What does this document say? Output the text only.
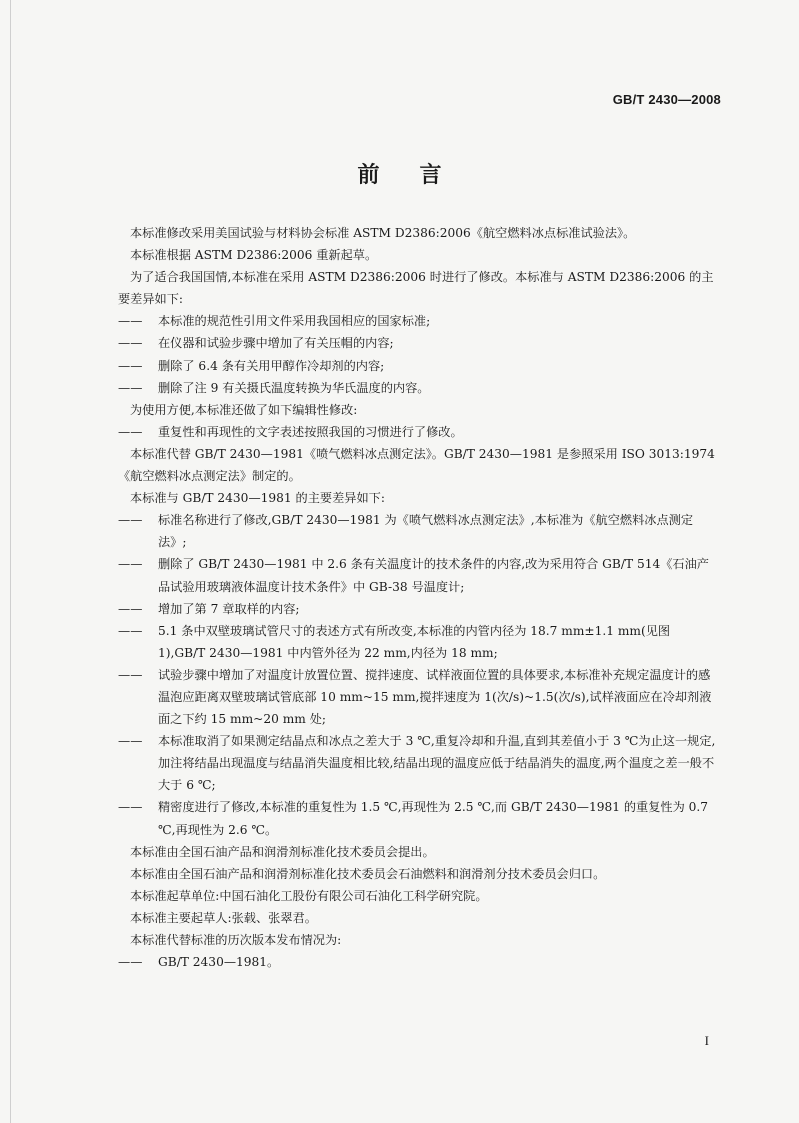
GB/T 2430—2008
前 言

本标准修改采用美国试验与材料协会标准 ASTM D2386:2006《航空燃料冰点标准试验法》。

本标准根据 ASTM D2386:2006 重新起草。

为了适合我国国情,本标准在采用 ASTM D2386:2006 时进行了修改。本标准与 ASTM D2386:2006 的主要差异如下:

—— 本标准的规范性引用文件采用我国相应的国家标准;

—— 在仪器和试验步骤中增加了有关压帽的内容;

—— 删除了 6.4 条有关用甲醇作冷却剂的内容;

—— 删除了注 9 有关摄氏温度转换为华氏温度的内容。

为使用方便,本标准还做了如下编辑性修改:

—— 重复性和再现性的文字表述按照我国的习惯进行了修改。

本标准代替 GB/T 2430—1981《喷气燃料冰点测定法》。GB/T 2430—1981 是参照采用 ISO 3013:1974《航空燃料冰点测定法》制定的。

本标准与 GB/T 2430—1981 的主要差异如下:

—— 标准名称进行了修改,GB/T 2430—1981 为《喷气燃料冰点测定法》,本标准为《航空燃料冰点测定法》;

—— 删除了 GB/T 2430—1981 中 2.6 条有关温度计的技术条件的内容,改为采用符合 GB/T 514《石油产品试验用玻璃液体温度计技术条件》中 GB-38 号温度计;

—— 增加了第 7 章取样的内容;

—— 5.1 条中双壁玻璃试管尺寸的表述方式有所改变,本标准的内管内径为 18.7 mm±1.1 mm(见图 1),GB/T 2430—1981 中内管外径为 22 mm,内径为 18 mm;

—— 试验步骤中增加了对温度计放置位置、搅拌速度、试样液面位置的具体要求,本标准补充规定温度计的感温泡应距离双壁玻璃试管底部 10 mm~15 mm,搅拌速度为 1(次/s)~1.5(次/s),试样液面应在冷却剂液面之下约 15 mm~20 mm 处;

—— 本标准取消了如果测定结晶点和冰点之差大于 3 ℃,重复冷却和升温,直到其差值小于 3 ℃为止这一规定,加注将结晶出现温度与结晶消失温度相比较,结晶出现的温度应低于结晶消失的温度,两个温度之差一般不大于 6 ℃;

—— 精密度进行了修改,本标准的重复性为 1.5 ℃,再现性为 2.5 ℃,而 GB/T 2430—1981 的重复性为 0.7 ℃,再现性为 2.6 ℃。

本标准由全国石油产品和润滑剂标准化技术委员会提出。

本标准由全国石油产品和润滑剂标准化技术委员会石油燃料和润滑剂分技术委员会归口。

本标准起草单位:中国石油化工股份有限公司石油化工科学研究院。

本标准主要起草人:张载、张翠君。

本标准代替标准的历次版本发布情况为:

—— GB/T 2430—1981。

I
